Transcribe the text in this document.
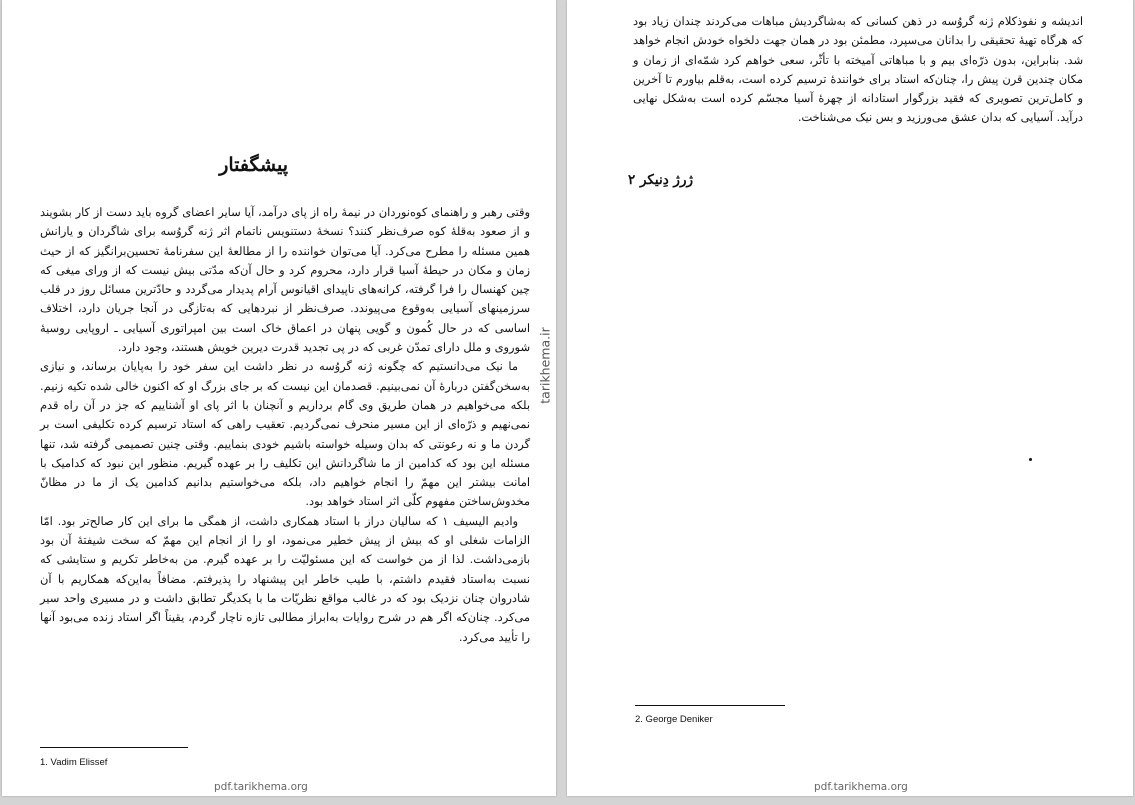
پیشگفتار

وقتی رهبر و راهنمای کوه‌نوردان در نیمهٔ راه از پای درآمد، آیا سایر اعضای گروه باید دست از کار بشویند و از صعود به‌قلهٔ کوه صرف‌نظر کنند؟ نسخهٔ دستنویس ناتمام اثر ژنه گروُسه برای شاگردان و یارانش همین مسئله را مطرح می‌کرد. آیا می‌توان خواننده را از مطالعهٔ این سفرنامهٔ تحسین‌برانگیز که از حیث زمان و مکان در حیطهٔ آسیا قرار دارد، محروم کرد و حال آن‌که مدّتی بیش نیست که از ورای میغی که چین کهنسال را فرا گرفته، کرانه‌های ناپیدای اقیانوس آرام پدیدار می‌گردد و حادّترین مسائل روز در قلب سرزمینهای آسیایی به‌وقوع می‌پیوندد. صرف‌نظر از نبردهایی که به‌تازگی در آنجا جریان دارد، اختلاف اساسی که در حال کُمون و گویی پنهان در اعماق خاک است بین امپراتوری آسیایی ـ اروپایی روسیهٔ شوروی و ملل دارای تمدّن غربی که در پی تجدید قدرت دیرین خویش هستند، وجود دارد.

ما نیک می‌دانستیم که چگونه ژنه گروُسه در نظر داشت این سفر خود را به‌پایان برساند، و نیازی به‌سخن‌گفتن دربارهٔ آن نمی‌بینیم. قصدمان این نیست که بر جای بزرگ او که اکنون خالی شده تکیه زنیم. بلکه می‌خواهیم در همان طریق وی گام برداریم و آنچنان با اثر پای او آشناییم که جز در آن راه قدم نمی‌نهیم و ذرّه‌ای از این مسیر منحرف نمی‌گردیم. تعقیب راهی که استاد ترسیم کرده تکلیفی است بر گردن ما و نه رعونتی که بدان وسیله خواسته باشیم خودی بنماییم. وقتی چنین تصمیمی گرفته شد، تنها مسئله این بود که کدامین از ما شاگردانش این تکلیف را بر عهده گیریم. منظور این نبود که کدامیک با امانت بیشتر این مهمّ را انجام خواهیم داد، بلکه می‌خواستیم بدانیم کدامین یک از ما در مظانّ مخدوش‌ساختن مفهوم کلّی اثر استاد خواهد بود.

وادیم الیسیف ۱ که سالیان دراز با استاد همکاری داشت، از همگی ما برای این کار صالح‌تر بود. امّا الزامات شغلی او که بیش از پیش خطیر می‌نمود، او را از انجام این مهمّ که سخت شیفتهٔ آن بود بازمی‌داشت. لذا از من خواست که این مسئولیّت را بر عهده گیرم. من به‌خاطر تکریم و ستایشی که نسبت به‌استاد فقیدم داشتم، با طیب خاطر این پیشنهاد را پذیرفتم. مضافاً به‌این‌که همکاریم با آن شادروان چنان نزدیک بود که در غالب مواقع نظریّات ما با یکدیگر تطابق داشت و در مسیری واحد سیر می‌کرد. چنان‌که اگر هم در شرح روایات به‌ابراز مطالبی تازه ناچار گردم، یقیناً اگر استاد زنده می‌بود آنها را تأیید می‌کرد.

1. Vadim Elissef
pdf.tarikhema.org
tarikhema.ir

اندیشه و نفوذکلام ژنه گروُسه در ذهن کسانی که به‌شاگردیش مباهات می‌کردند چندان زیاد بود که هرگاه تهیهٔ تحقیقی را بدانان می‌سپرد، مطمئن بود در همان جهت دلخواه خودش انجام خواهد شد. بنابراین، بدون ذرّه‌ای بیم و با مباهاتی آمیخته با تأثّر، سعی خواهم کرد شمّه‌ای از زمان و مکان چندین قرن پیش را، چنان‌که استاد برای خوانندهٔ ترسیم کرده است، به‌قلم بیاورم تا آخرین و کامل‌ترین تصویری که فقید بزرگوار استادانه از چهرهٔ آسیا مجسّم کرده است به‌شکل نهایی درآید. آسیایی که بدان عشق می‌ورزید و بس نیک می‌شناخت.

ژرژ دِنیکر ۲
2. George Deniker
pdf.tarikhema.org
